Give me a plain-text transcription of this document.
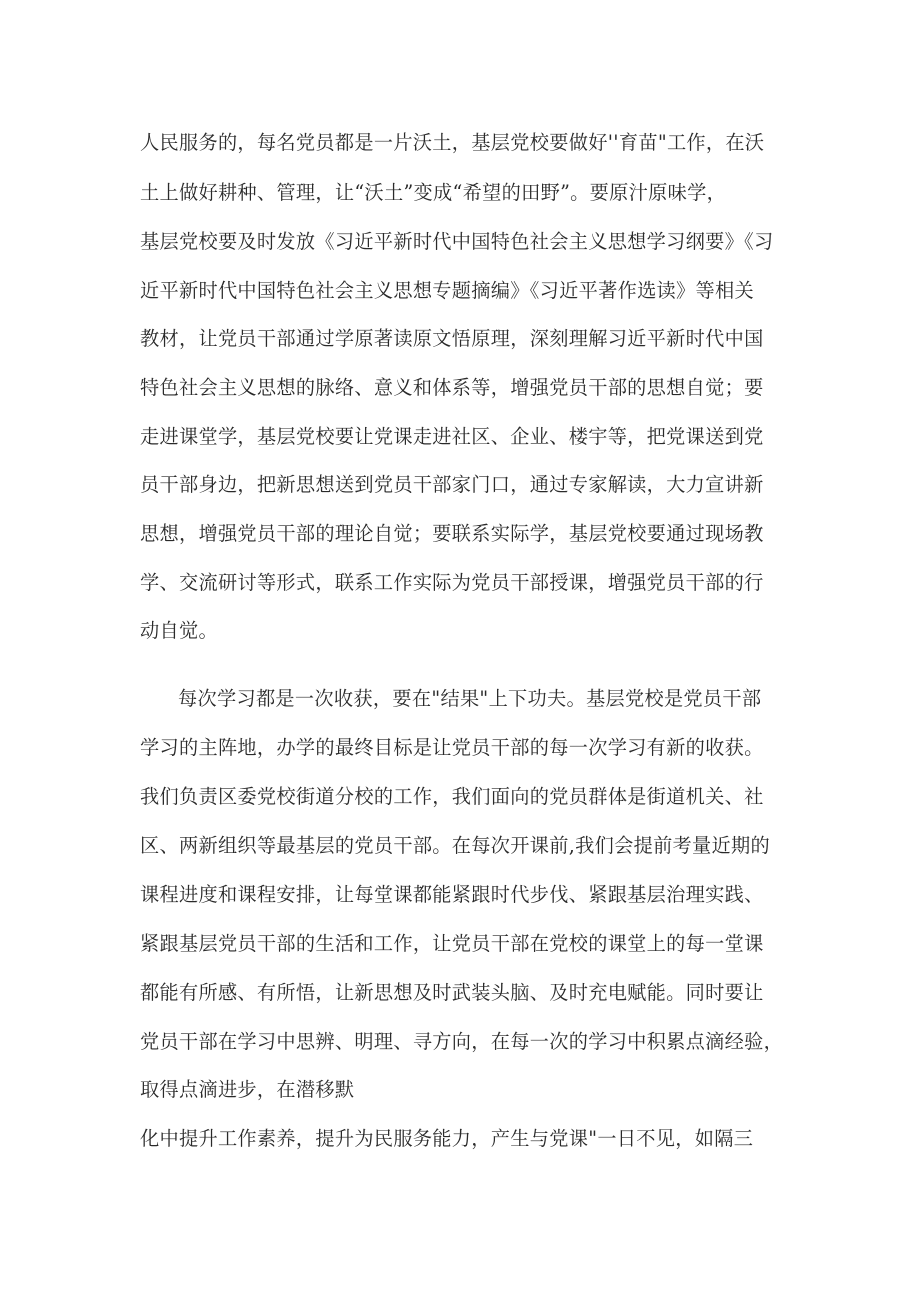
人民服务的，每名党员都是一片沃土，基层党校要做好''育苗"工作，在沃
土上做好耕种、管理，让“沃土”变成“希望的田野”。要原汁原味学，
基层党校要及时发放《习近平新时代中国特色社会主义思想学习纲要》《习
近平新时代中国特色社会主义思想专题摘编》《习近平著作选读》等相关
教材，让党员干部通过学原著读原文悟原理，深刻理解习近平新时代中国
特色社会主义思想的脉络、意义和体系等，增强党员干部的思想自觉；要
走进课堂学，基层党校要让党课走进社区、企业、楼宇等，把党课送到党
员干部身边，把新思想送到党员干部家门口，通过专家解读，大力宣讲新
思想，增强党员干部的理论自觉；要联系实际学，基层党校要通过现场教
学、交流研讨等形式，联系工作实际为党员干部授课，增强党员干部的行
动自觉。
每次学习都是一次收获，要在"结果"上下功夫。基层党校是党员干部
学习的主阵地，办学的最终目标是让党员干部的每一次学习有新的收获。
我们负责区委党校街道分校的工作，我们面向的党员群体是街道机关、社
区、两新组织等最基层的党员干部。在每次开课前,我们会提前考量近期的
课程进度和课程安排，让每堂课都能紧跟时代步伐、紧跟基层治理实践、
紧跟基层党员干部的生活和工作，让党员干部在党校的课堂上的每一堂课
都能有所感、有所悟，让新思想及时武装头脑、及时充电赋能。同时要让
党员干部在学习中思辨、明理、寻方向，在每一次的学习中积累点滴经验，
取得点滴进步，在潜移默
化中提升工作素养，提升为民服务能力，产生与党课"一日不见，如隔三
